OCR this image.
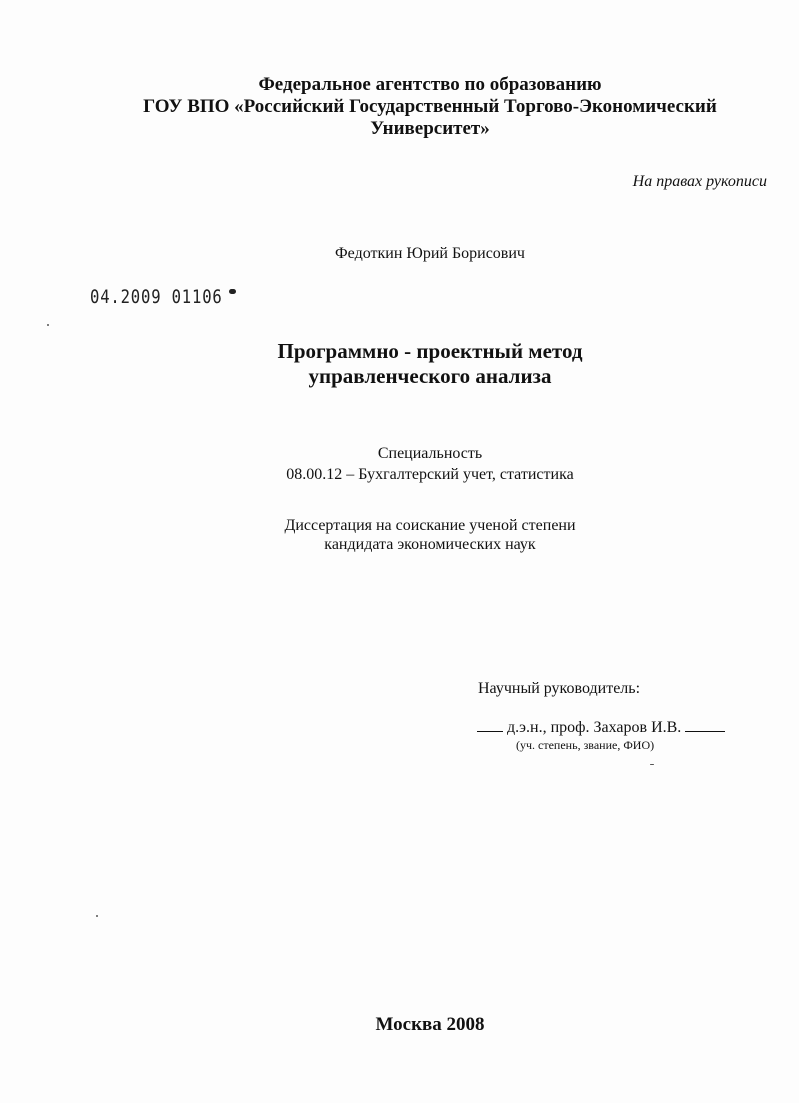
Федеральное агентство по образованию
ГОУ ВПО «Российский Государственный Торгово-Экономический
Университет»
На правах рукописи
Федоткин Юрий Борисович
04.2009 01106
Программно - проектный метод
управленческого анализа
Специальность
08.00.12 – Бухгалтерский учет, статистика
Диссертация на соискание ученой степени
кандидата экономических наук
Научный руководитель:
д.э.н., проф. Захаров И.В.
(уч. степень, звание, ФИО)
Москва 2008
